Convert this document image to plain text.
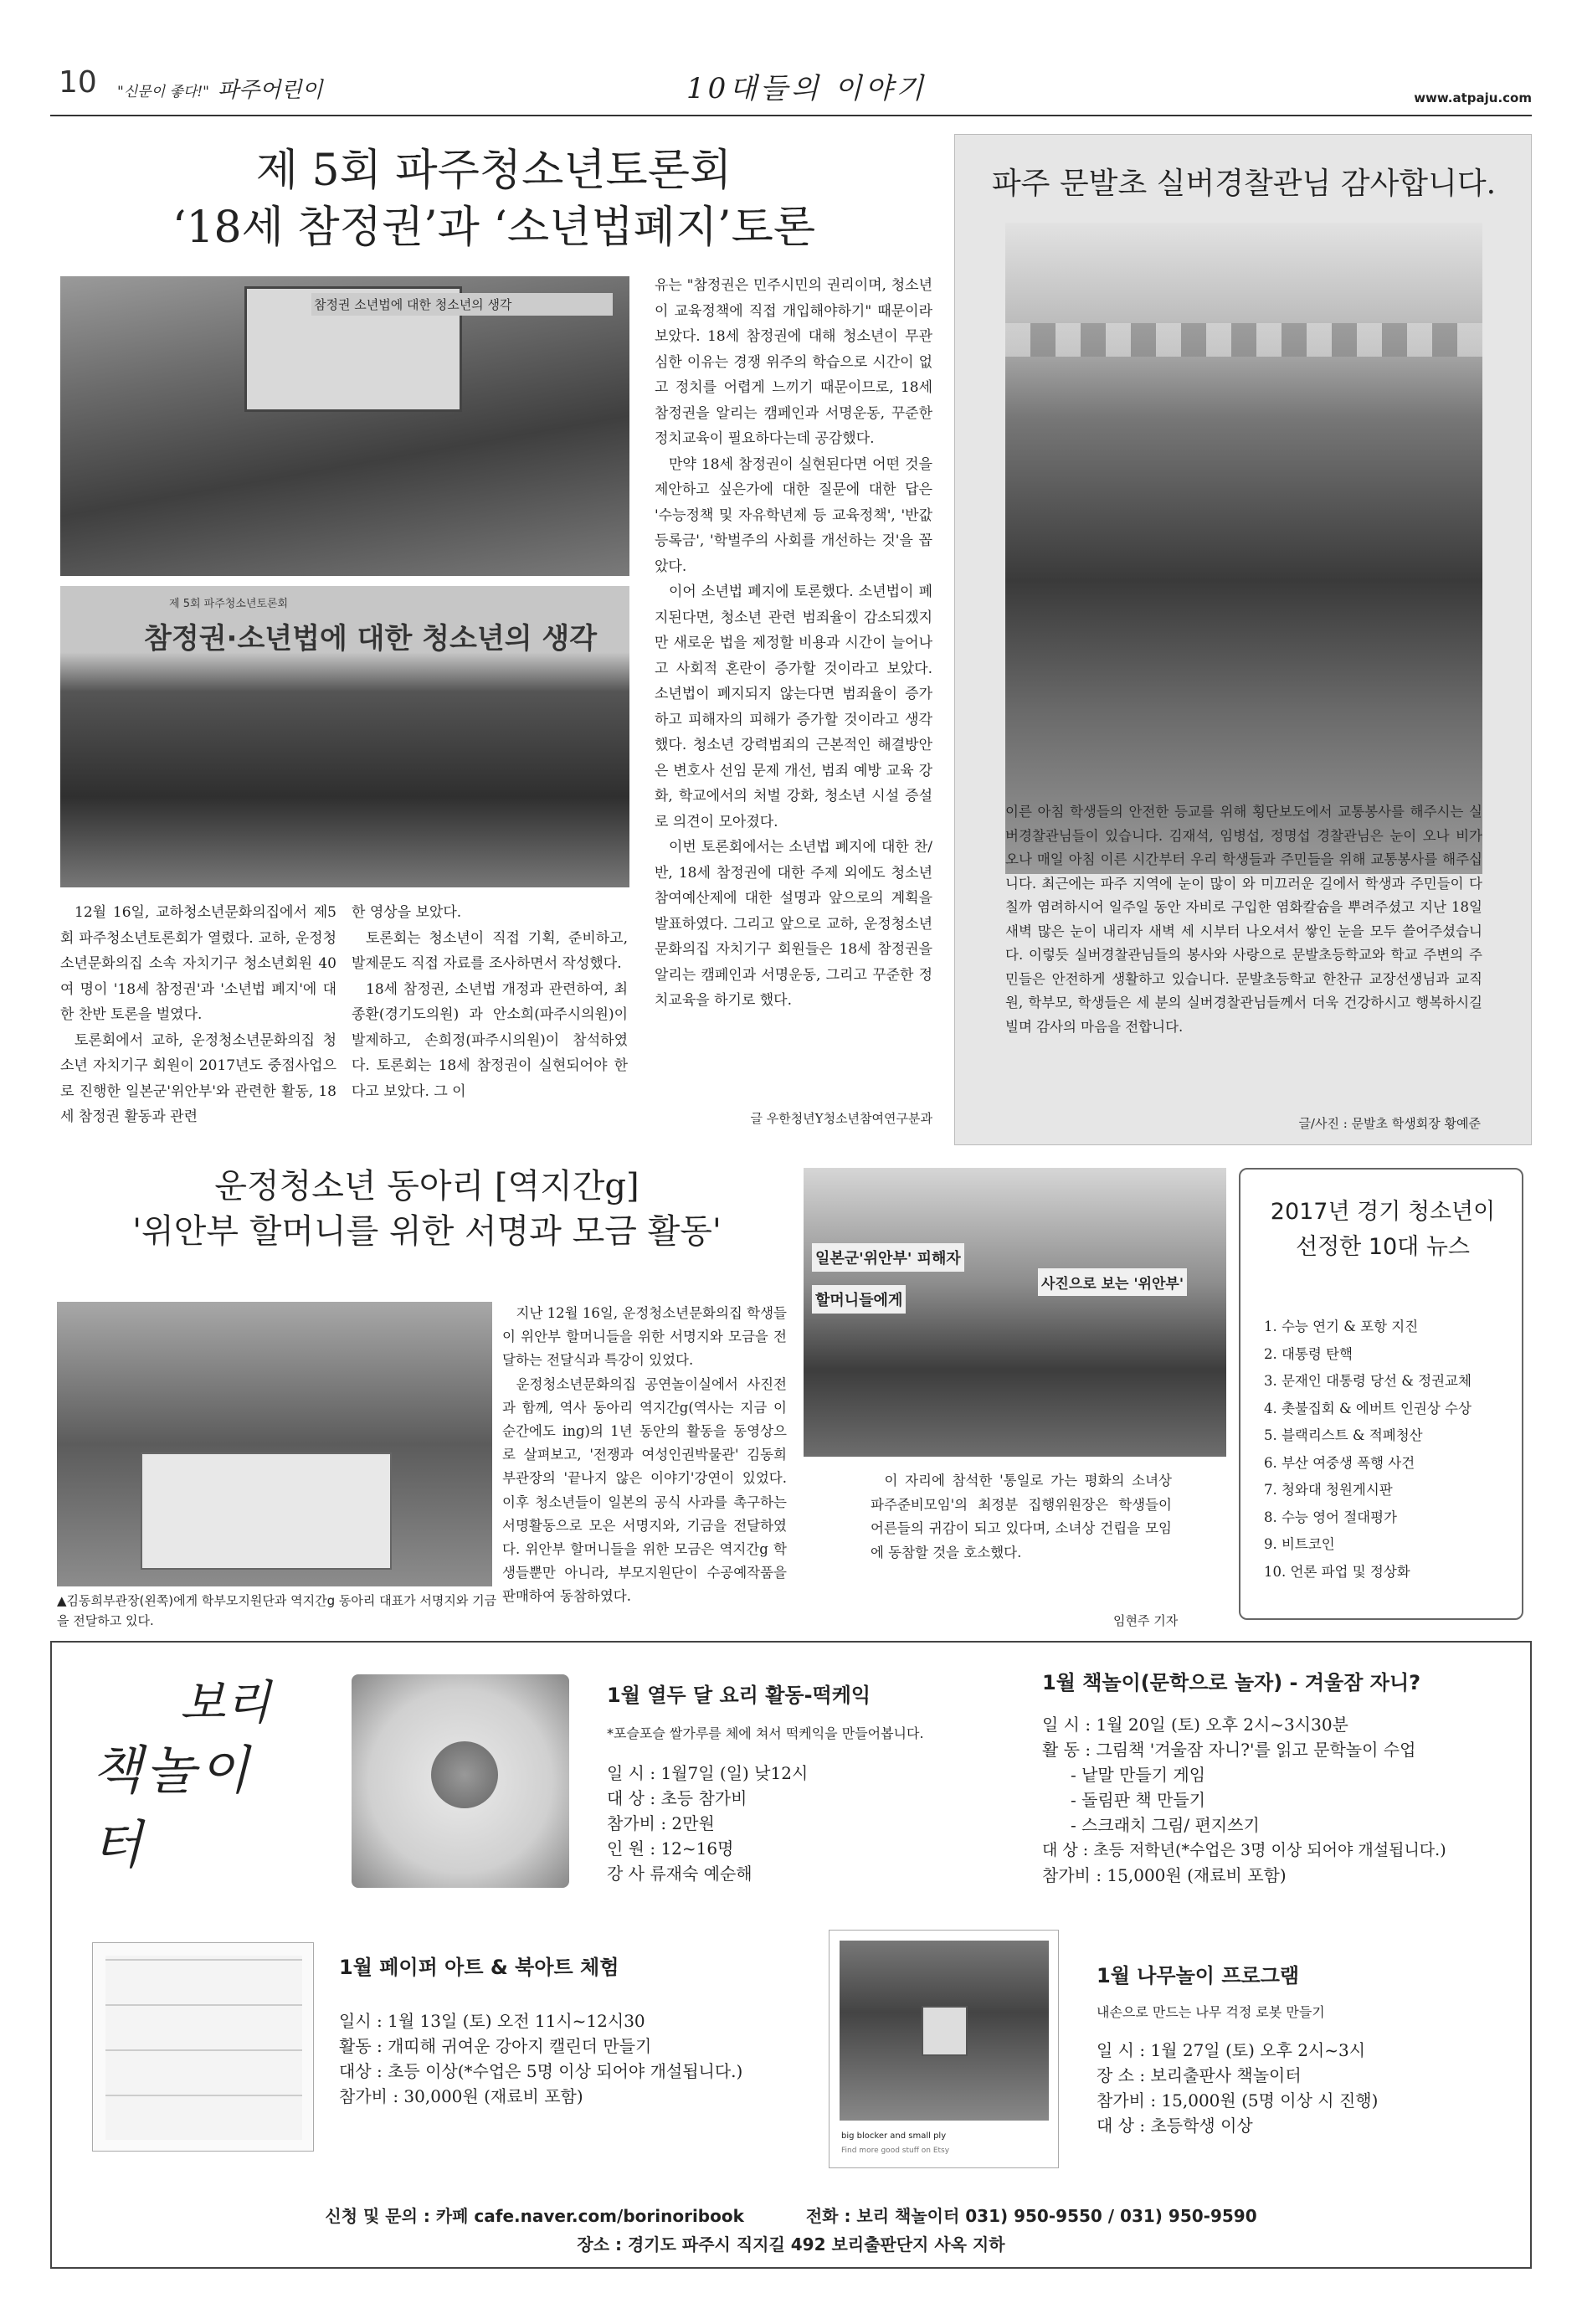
10 "신문이 좋다!" 파주어린이	10대들의 이야기	www.atpaju.com
제 5회 파주청소년토론회
‘18세 참정권’과 ‘소년법폐지’토론
참정권 소년법에 대한 청소년의 생각
제 5회 파주청소년토론회
참정권·소년법에 대한 청소년의 생각

12월 16일, 교하청소년문화의집에서 제5회 파주청소년토론회가 열렸다. 교하, 운정청소년문화의집 소속 자치기구 청소년회원 40여 명이 '18세 참정권'과 '소년법 폐지'에 대한 찬반 토론을 벌였다.

토론회에서 교하, 운정청소년문화의집 청소년 자치기구 회원이 2017년도 중점사업으로 진행한 일본군'위안부'와 관련한 활동, 18세 참정권 활동과 관련

한 영상을 보았다.

토론회는 청소년이 직접 기획, 준비하고, 발제문도 직접 자료를 조사하면서 작성했다.

18세 참정권, 소년법 개정과 관련하여, 최종환(경기도의원) 과 안소희(파주시의원)이 발제하고, 손희정(파주시의원)이 참석하였다. 토론회는 18세 참정권이 실현되어야 한다고 보았다. 그 이

유는 "참정권은 민주시민의 권리이며, 청소년이 교육정책에 직접 개입해야하기" 때문이라 보았다. 18세 참정권에 대해 청소년이 무관심한 이유는 경쟁 위주의 학습으로 시간이 없고 정치를 어렵게 느끼기 때문이므로, 18세 참정권을 알리는 캠페인과 서명운동, 꾸준한 정치교육이 필요하다는데 공감했다.

만약 18세 참정권이 실현된다면 어떤 것을 제안하고 싶은가에 대한 질문에 대한 답은 '수능정책 및 자유학년제 등 교육정책', '반값등록금', '학벌주의 사회를 개선하는 것'을 꼽았다.

이어 소년법 폐지에 토론했다. 소년법이 폐지된다면, 청소년 관련 범죄율이 감소되겠지만 새로운 법을 제정할 비용과 시간이 늘어나고 사회적 혼란이 증가할 것이라고 보았다. 소년법이 폐지되지 않는다면 범죄율이 증가하고 피해자의 피해가 증가할 것이라고 생각했다. 청소년 강력범죄의 근본적인 해결방안은 변호사 선임 문제 개선, 범죄 예방 교육 강화, 학교에서의 처벌 강화, 청소년 시설 증설로 의견이 모아졌다.

이번 토론회에서는 소년법 폐지에 대한 찬/반, 18세 참정권에 대한 주제 외에도 청소년참여예산제에 대한 설명과 앞으로의 계획을 발표하였다. 그리고 앞으로 교하, 운정청소년문화의집 자치기구 회원들은 18세 참정권을 알리는 캠페인과 서명운동, 그리고 꾸준한 정치교육을 하기로 했다.

글 우한청년Y청소년참여연구분과
파주 문발초 실버경찰관님 감사합니다.
이른 아침 학생들의 안전한 등교를 위해 횡단보도에서 교통봉사를 해주시는 실버경찰관님들이 있습니다. 김재석, 임병섭, 정명섭 경찰관님은 눈이 오나 비가 오나 매일 아침 이른 시간부터 우리 학생들과 주민들을 위해 교통봉사를 해주십니다. 최근에는 파주 지역에 눈이 많이 와 미끄러운 길에서 학생과 주민들이 다칠까 염려하시어 일주일 동안 자비로 구입한 염화칼슘을 뿌려주셨고 지난 18일 새벽 많은 눈이 내리자 새벽 세 시부터 나오셔서 쌓인 눈을 모두 쓸어주셨습니다. 이렇듯 실버경찰관님들의 봉사와 사랑으로 문발초등학교와 학교 주변의 주민들은 안전하게 생활하고 있습니다. 문발초등학교 한찬규 교장선생님과 교직원, 학부모, 학생들은 세 분의 실버경찰관님들께서 더욱 건강하시고 행복하시길 빌며 감사의 마음을 전합니다.
글/사진 : 문발초 학생회장 황예준
운정청소년 동아리 [역지간g]
'위안부 할머니를 위한 서명과 모금 활동'
▲김동희부관장(왼쪽)에게 학부모지원단과 역지간g 동아리 대표가 서명지와 기금을 전달하고 있다.
일본군'위안부' 피해자
할머니들에게
사진으로 보는 '위안부'

지난 12월 16일, 운정청소년문화의집 학생들이 위안부 할머니들을 위한 서명지와 모금을 전달하는 전달식과 특강이 있었다.

운정청소년문화의집 공연놀이실에서 사진전과 함께, 역사 동아리 역지간g(역사는 지금 이 순간에도 ing)의 1년 동안의 활동을 동영상으로 살펴보고, '전쟁과 여성인권박물관' 김동희 부관장의 '끝나지 않은 이야기'강연이 있었다. 이후 청소년들이 일본의 공식 사과를 촉구하는 서명활동으로 모은 서명지와, 기금을 전달하였다. 위안부 할머니들을 위한 모금은 역지간g 학생들뿐만 아니라, 부모지원단이 수공예작품을 판매하여 동참하였다.

이 자리에 참석한 '통일로 가는 평화의 소녀상 파주준비모임'의 최정분 집행위원장은 학생들이 어른들의 귀감이 되고 있다며, 소녀상 건립을 모임에 동참할 것을 호소했다.

임현주 기자
2017년 경기 청소년이
선정한 10대 뉴스
1. 수능 연기 & 포항 지진
2. 대통령 탄핵
3. 문재인 대통령 당선 & 정권교체
4. 촛불집회 & 에버트 인권상 수상
5. 블랙리스트 & 적폐청산
6. 부산 여중생 폭행 사건
7. 청와대 청원게시판
8. 수능 영어 절대평가
9. 비트코인
10. 언론 파업 및 정상화
보리
책놀이터
1월 열두 달 요리 활동-떡케익
*포슬포슬 쌀가루를 체에 쳐서 떡케익을 만들어봅니다.
일 시 : 1월7일 (일) 낮12시
대 상 : 초등 참가비
참가비 : 2만원
인 원 : 12~16명
강 사 류재숙 예순해
1월 책놀이(문학으로 놀자) - 겨울잠 자니?
일 시 : 1월 20일 (토) 오후 2시~3시30분
활 동 : 그림책 '겨울잠 자니?'를 읽고 문학놀이 수업
- 낱말 만들기 게임
- 돌림판 책 만들기
- 스크래치 그림/ 편지쓰기
대 상 : 초등 저학년(*수업은 3명 이상 되어야 개설됩니다.)
참가비 : 15,000원 (재료비 포함)
1월 페이퍼 아트 & 북아트 체험
일시 : 1월 13일 (토) 오전 11시~12시30
활동 : 개띠해 귀여운 강아지 캘린더 만들기
대상 : 초등 이상(*수업은 5명 이상 되어야 개설됩니다.)
참가비 : 30,000원 (재료비 포함)
big blocker and small ply
Find more good stuff on Etsy
1월 나무놀이 프로그램
내손으로 만드는 나무 걱정 로봇 만들기
일 시 : 1월 27일 (토) 오후 2시~3시
장 소 : 보리출판사 책놀이터
참가비 : 15,000원 (5명 이상 시 진행)
대 상 : 초등학생 이상
신청 및 문의 : 카페 cafe.naver.com/borinoribook	전화 : 보리 책놀이터 031) 950-9550 / 031) 950-9590
장소 : 경기도 파주시 직지길 492 보리출판단지 사옥 지하
